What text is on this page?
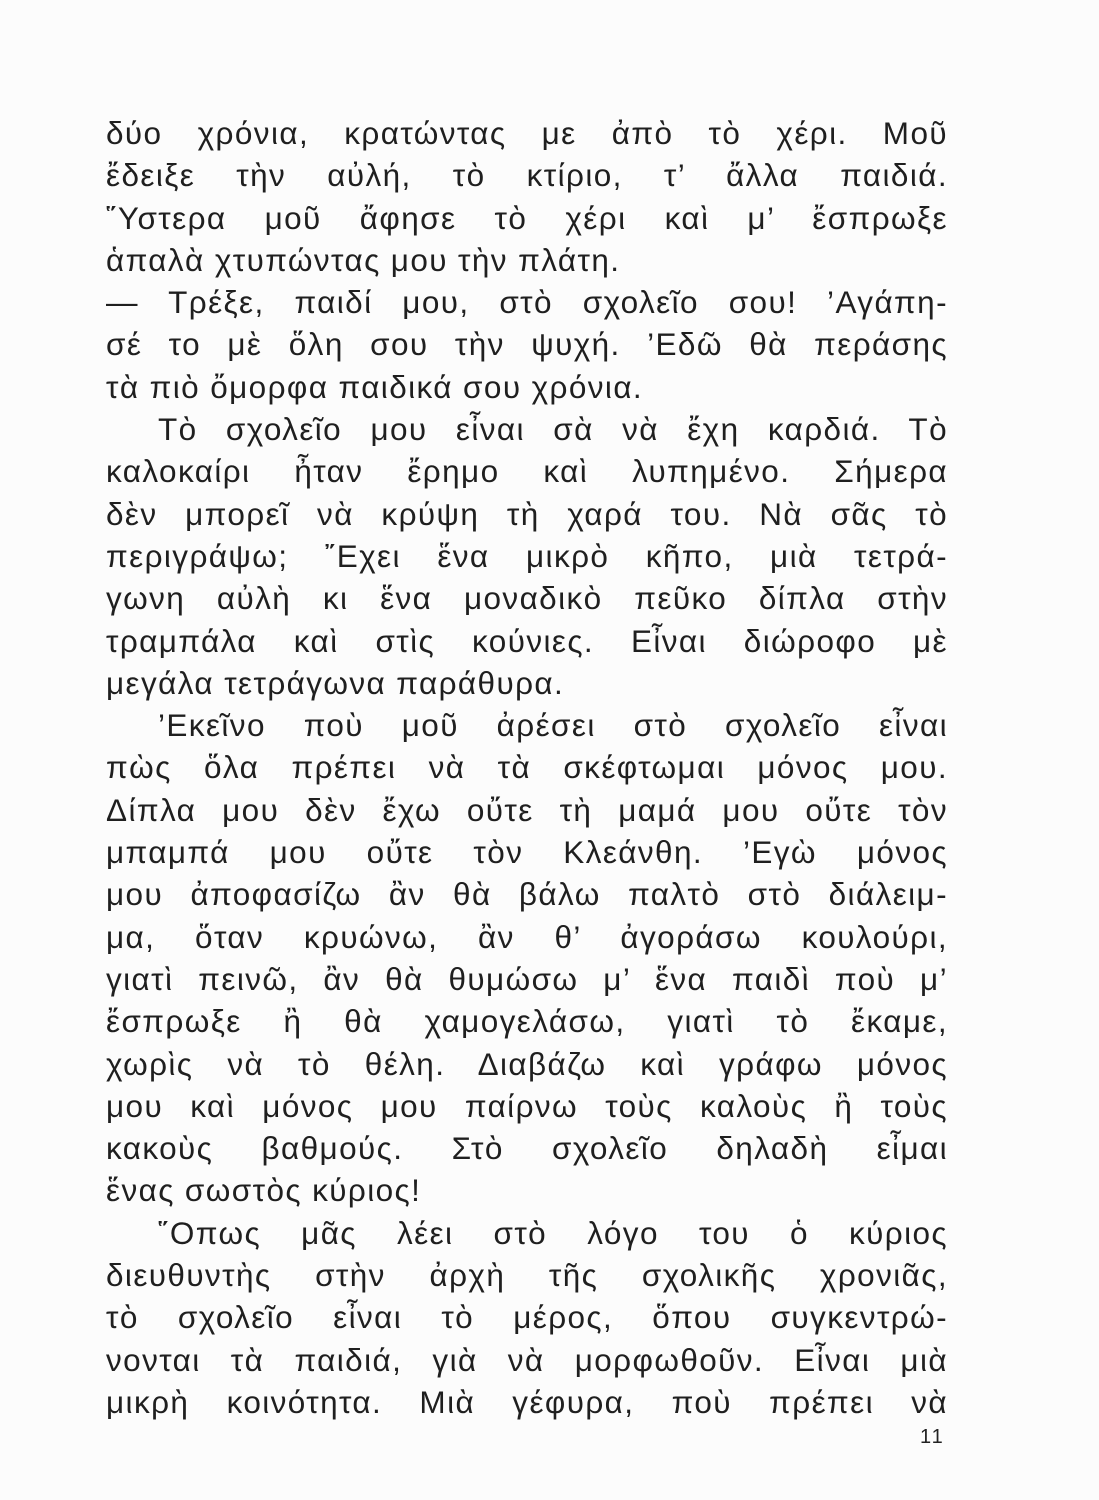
δύο χρόνια, κρατώντας με ἀπὸ τὸ χέρι. Μοῦ
ἔδειξε τὴν αὐλή, τὸ κτίριο, τ’ ἄλλα παιδιά.
῞Υστερα μοῦ ἄφησε τὸ χέρι καὶ μ’ ἔσπρωξε
ἁπαλὰ χτυπώντας μου τὴν πλάτη.
— Τρέξε, παιδί μου, στὸ σχολεῖο σου! ’Αγάπη-
σέ το μὲ ὅλη σου τὴν ψυχή. ’Εδῶ θὰ περάσης
τὰ πιὸ ὄμορφα παιδικά σου χρόνια.
Τὸ σχολεῖο μου εἶναι σὰ νὰ ἔχη καρδιά. Τὸ
καλοκαίρι ἦταν ἔρημο καὶ λυπημένο. Σήμερα
δὲν μπορεῖ νὰ κρύψη τὴ χαρά του. Νὰ σᾶς τὸ
περιγράψω; ῎Εχει ἕνα μικρὸ κῆπο, μιὰ τετρά-
γωνη αὐλὴ κι ἕνα μοναδικὸ πεῦκο δίπλα στὴν
τραμπάλα καὶ στὶς κούνιες. Εἶναι διώροφο μὲ
μεγάλα τετράγωνα παράθυρα.
’Εκεῖνο ποὺ μοῦ ἀρέσει στὸ σχολεῖο εἶναι
πὼς ὅλα πρέπει νὰ τὰ σκέφτωμαι μόνος μου.
Δίπλα μου δὲν ἔχω οὔτε τὴ μαμά μου οὔτε τὸν
μπαμπά μου οὔτε τὸν Κλεάνθη. ’Εγὼ μόνος
μου ἀποφασίζω ἂν θὰ βάλω παλτὸ στὸ διάλειμ-
μα, ὅταν κρυώνω, ἂν θ’ ἀγοράσω κουλούρι,
γιατὶ πεινῶ, ἂν θὰ θυμώσω μ’ ἕνα παιδὶ ποὺ μ’
ἔσπρωξε ἢ θὰ χαμογελάσω, γιατὶ τὸ ἔκαμε,
χωρὶς νὰ τὸ θέλη. Διαβάζω καὶ γράφω μόνος
μου καὶ μόνος μου παίρνω τοὺς καλοὺς ἢ τοὺς
κακοὺς βαθμούς. Στὸ σχολεῖο δηλαδὴ εἶμαι
ἕνας σωστὸς κύριος!
῞Οπως μᾶς λέει στὸ λόγο του ὁ κύριος
διευθυντὴς στὴν ἀρχὴ τῆς σχολικῆς χρονιᾶς,
τὸ σχολεῖο εἶναι τὸ μέρος, ὅπου συγκεντρώ-
νονται τὰ παιδιά, γιὰ νὰ μορφωθοῦν. Εἶναι μιὰ
μικρὴ κοινότητα. Μιὰ γέφυρα, ποὺ πρέπει νὰ
11
